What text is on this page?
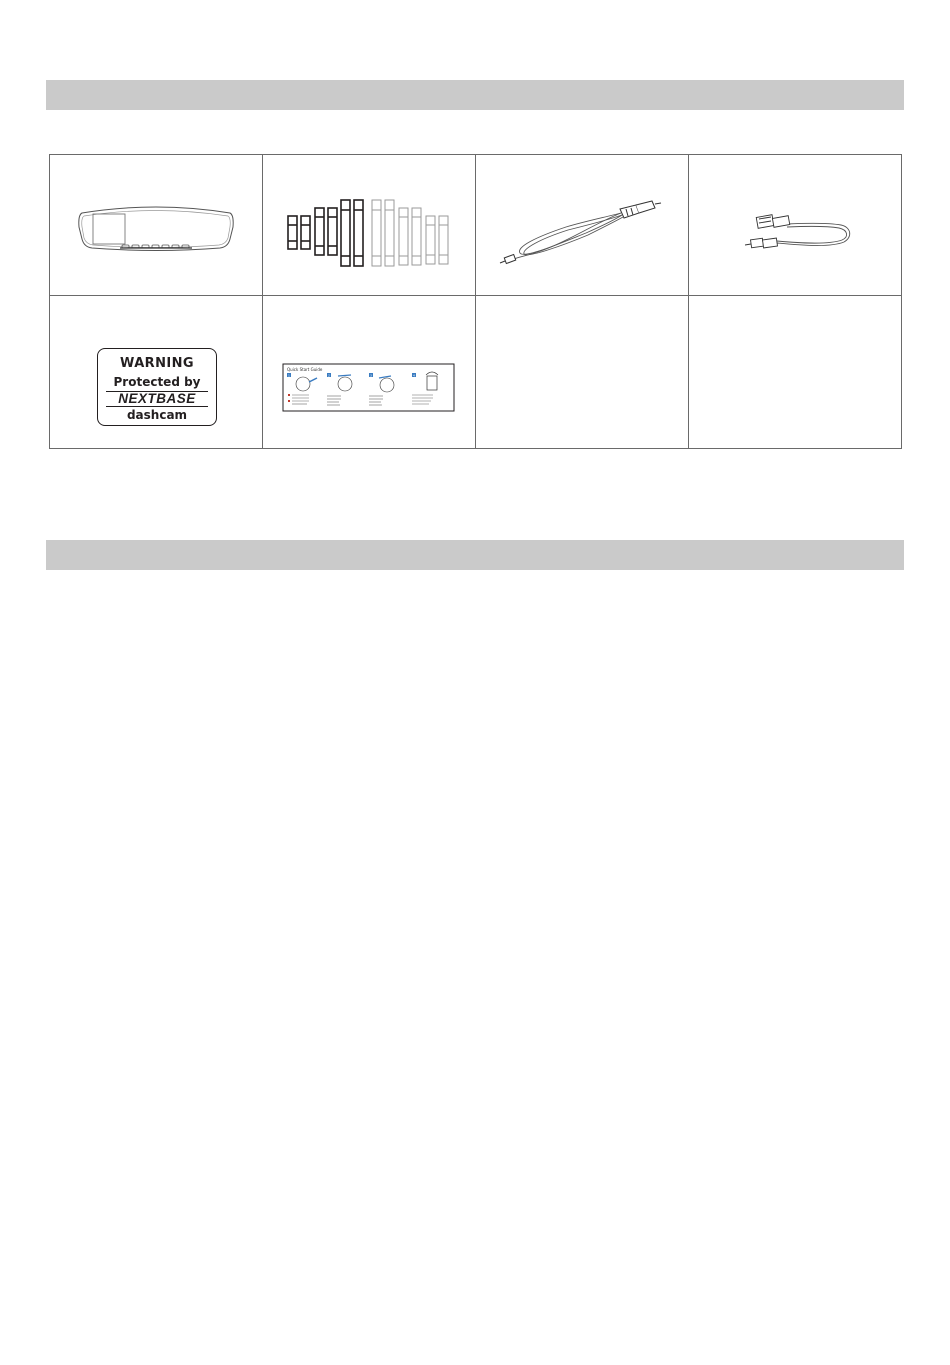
WARNING
Protected by
NEXTBASE
dashcam
Quick Start Guide
1	2	3	4
